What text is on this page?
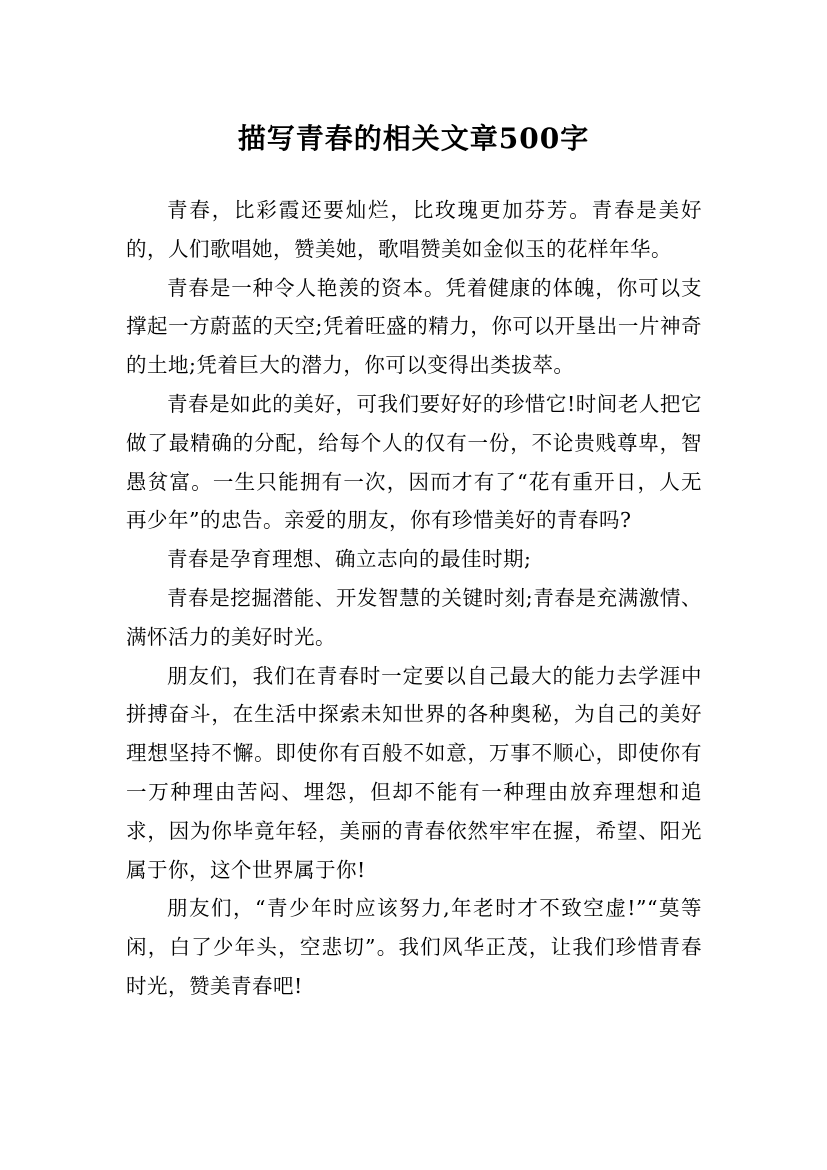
描写青春的相关文章500字

青春，比彩霞还要灿烂，比玫瑰更加芬芳。青春是美好的，人们歌唱她，赞美她，歌唱赞美如金似玉的花样年华。

青春是一种令人艳羡的资本。凭着健康的体魄，你可以支撑起一方蔚蓝的天空;凭着旺盛的精力，你可以开垦出一片神奇的土地;凭着巨大的潜力，你可以变得出类拔萃。

青春是如此的美好，可我们要好好的珍惜它!时间老人把它做了最精确的分配，给每个人的仅有一份，不论贵贱尊卑，智愚贫富。一生只能拥有一次，因而才有了“花有重开日，人无再少年”的忠告。亲爱的朋友，你有珍惜美好的青春吗?

青春是孕育理想、确立志向的最佳时期;

青春是挖掘潜能、开发智慧的关键时刻;青春是充满激情、满怀活力的美好时光。

朋友们，我们在青春时一定要以自己最大的能力去学涯中拼搏奋斗，在生活中探索未知世界的各种奥秘，为自己的美好理想坚持不懈。即使你有百般不如意，万事不顺心，即使你有一万种理由苦闷、埋怨，但却不能有一种理由放弃理想和追求，因为你毕竟年轻，美丽的青春依然牢牢在握，希望、阳光属于你，这个世界属于你!

朋友们，“青少年时应该努力,年老时才不致空虚!”“莫等闲，白了少年头，空悲切”。我们风华正茂，让我们珍惜青春时光，赞美青春吧!
